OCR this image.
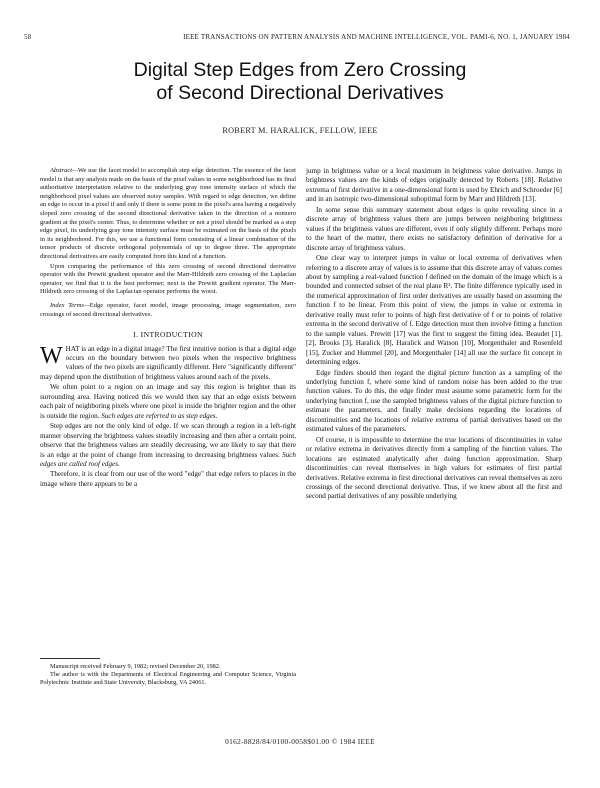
58	IEEE TRANSACTIONS ON PATTERN ANALYSIS AND MACHINE INTELLIGENCE, VOL. PAMI-6, NO. 1, JANUARY 1984
Digital Step Edges from Zero Crossing
of Second Directional Derivatives
ROBERT M. HARALICK, FELLOW, IEEE

Abstract—We use the facet model to accomplish step edge detection. The essence of the facet model is that any analysis made on the basis of the pixel values in some neighborhood has its final authoritative interpretation relative to the underlying gray tone intensity surface of which the neighborhood pixel values are observed noisy samples. With regard to edge detection, we define an edge to occur in a pixel if and only if there is some point in the pixel's area having a negatively sloped zero crossing of the second directional derivative taken in the direction of a nonzero gradient at the pixel's center. Thus, to determine whether or not a pixel should be marked as a step edge pixel, its underlying gray tone intensity surface must be estimated on the basis of the pixels in its neighborhood. For this, we use a functional form consisting of a linear combination of the tensor products of discrete orthogonal polynomials of up to degree three. The appropriate directional derivatives are easily computed from this kind of a function.

Upon comparing the performance of this zero crossing of second directional derivative operator with the Prewitt gradient operator and the Marr-Hildreth zero crossing of the Laplacian operator, we find that it is the best performer; next is the Prewitt gradient operator. The Marr-Hildreth zero crossing of the Laplacian operator performs the worst.

Index Terms—Edge operator, facet model, image processing, image segmentation, zero crossings of second directional derivatives.

I. INTRODUCTION

WHAT is an edge in a digital image? The first intuitive notion is that a digital edge occurs on the boundary between two pixels when the respective brightness values of the two pixels are significantly different. Here "significantly different" may depend upon the distribution of brightness values around each of the pixels.

We often point to a region on an image and say this region is brighter than its surrounding area. Having noticed this we would then say that an edge exists between each pair of neighboring pixels where one pixel is inside the brighter region and the other is outside the region. Such edges are referred to as step edges.

Step edges are not the only kind of edge. If we scan through a region in a left-right manner observing the brightness values steadily increasing and then after a certain point, observe that the brightness values are steadily decreasing, we are likely to say that there is an edge at the point of change from increasing to decreasing brightness values. Such edges are called roof edges.

Therefore, it is clear from our use of the word "edge" that edge refers to places in the image where there appears to be a

Manuscript received February 9, 1982; revised December 20, 1982.

The author is with the Departments of Electrical Engineering and Computer Science, Virginia Polytechnic Institute and State University, Blacksburg, VA 24061.

jump in brightness value or a local maximum in brightness value derivative. Jumps in brightness values are the kinds of edges originally detected by Roberts [18]. Relative extrema of first derivative in a one-dimensional form is used by Ehrich and Schroeder [6] and in an isotropic two-dimensional suboptimal form by Marr and Hildreth [13].

In some sense this summary statement about edges is quite revealing since in a discrete array of brightness values there are jumps between neighboring brightness values if the brightness values are different, even if only slightly different. Perhaps more to the heart of the matter, there exists no satisfactory definition of derivative for a discrete array of brightness values.

One clear way to interpret jumps in value or local extrema of derivatives when referring to a discrete array of values is to assume that this discrete array of values comes about by sampling a real-valued function f defined on the domain of the image which is a bounded and connected subset of the real plane R². The finite difference typically used in the numerical approximation of first order derivatives are usually based on assuming the function f to be linear. From this point of view, the jumps in value or extrema in derivative really must refer to points of high first derivative of f or to points of relative extrema in the second derivative of f. Edge detection must then involve fitting a function to the sample values. Prewitt [17] was the first to suggest the fitting idea. Beaudet [1], [2], Brooks [3], Haralick [8], Haralick and Watson [10], Morgenthaler and Rosenfeld [15], Zucker and Hummel [20], and Morgenthaler [14] all use the surface fit concept in determining edges.

Edge finders should then regard the digital picture function as a sampling of the underlying function f, where some kind of random noise has been added to the true function values. To do this, the edge finder must assume some parametric form for the underlying function f, use the sampled brightness values of the digital picture function to estimate the parameters, and finally make decisions regarding the locations of discontinuities and the locations of relative extrema of partial derivatives based on the estimated values of the parameters.

Of course, it is impossible to determine the true locations of discontinuities in value or relative extrema in derivatives directly from a sampling of the function values. The locations are estimated analytically after doing function approximation. Sharp discontinuities can reveal themselves in high values for estimates of first partial derivatives. Relative extrema in first directional derivatives can reveal themselves as zero crossings of the second directional derivative. Thus, if we knew about all the first and second partial derivatives of any possible underlying

0162-8828/84/0100-0058$01.00 © 1984 IEEE
